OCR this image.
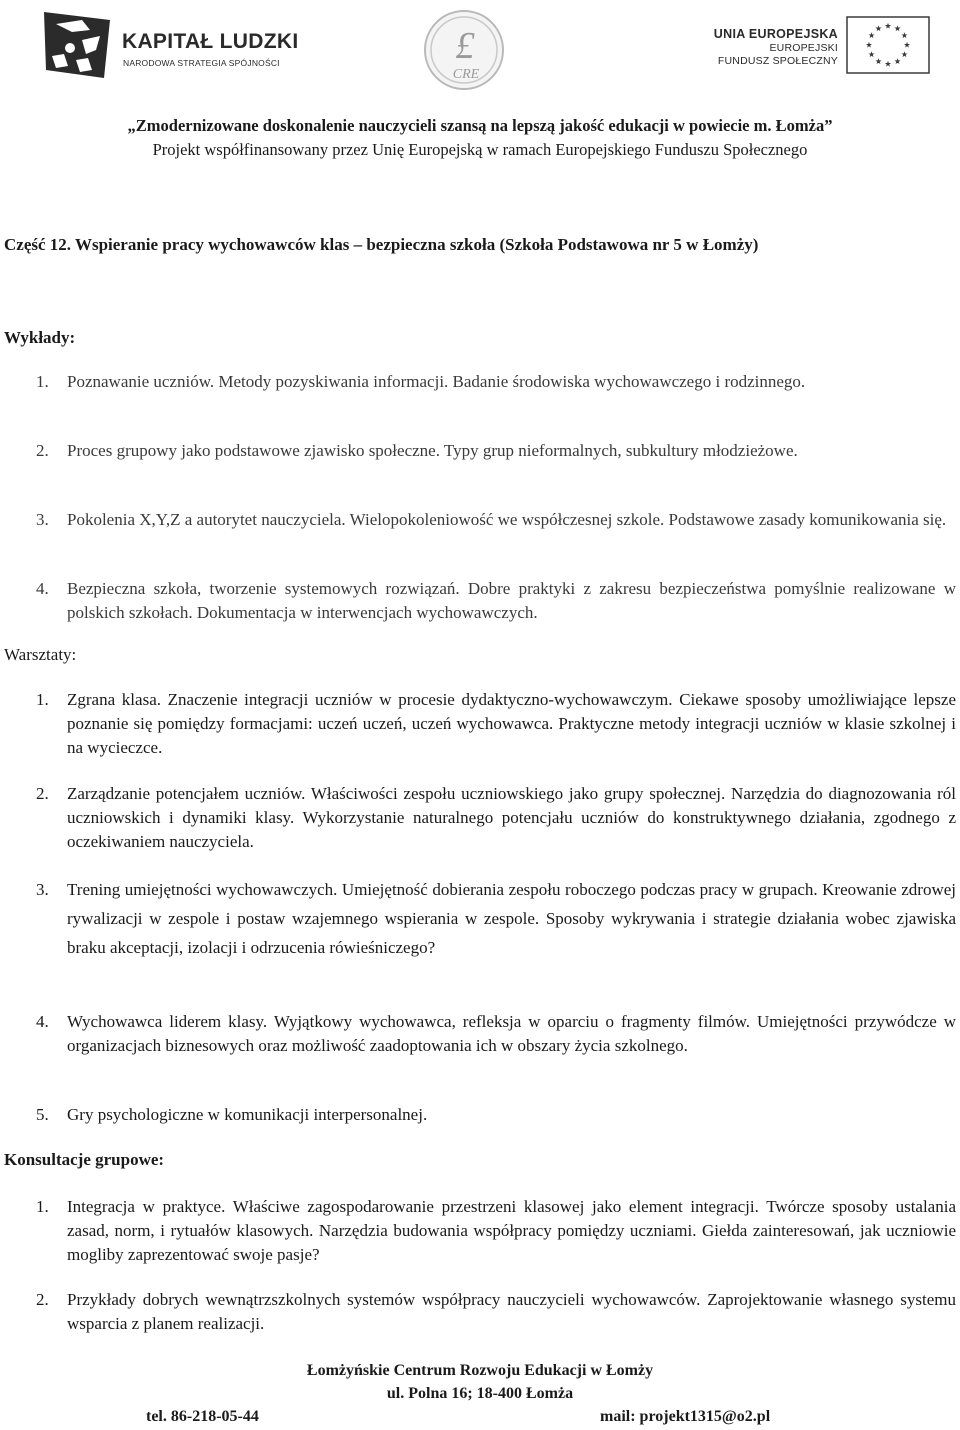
KAPITAŁ LUDZKI
NARODOWA STRATEGIA SPÓJNOŚCI	£
CRE
UNIA EUROPEJSKA
EUROPEJSKI
FUNDUSZ SPOŁECZNY
„Zmodernizowane doskonalenie nauczycieli szansą na lepszą jakość edukacji w powiecie m. Łomża”
Projekt współfinansowany przez Unię Europejską w ramach Europejskiego Funduszu Społecznego
Część 12. Wspieranie pracy wychowawców klas – bezpieczna szkoła (Szkoła Podstawowa nr 5 w Łomży)
Wykłady:
1. Poznawanie uczniów. Metody pozyskiwania informacji. Badanie środowiska wychowawczego i rodzinnego.
2. Proces grupowy jako podstawowe zjawisko społeczne. Typy grup nieformalnych, subkultury młodzieżowe.
3. Pokolenia X,Y,Z a autorytet nauczyciela. Wielopokoleniowość we współczesnej szkole. Podstawowe zasady komunikowania się.
4. Bezpieczna szkoła, tworzenie systemowych rozwiązań. Dobre praktyki z zakresu bezpieczeństwa pomyślnie realizowane w polskich szkołach. Dokumentacja w interwencjach wychowawczych.
Warsztaty:
1. Zgrana klasa. Znaczenie integracji uczniów w procesie dydaktyczno-wychowawczym. Ciekawe sposoby umożliwiające lepsze poznanie się pomiędzy formacjami: uczeń uczeń, uczeń wychowawca. Praktyczne metody integracji uczniów w klasie szkolnej i na wycieczce.
2. Zarządzanie potencjałem uczniów. Właściwości zespołu uczniowskiego jako grupy społecznej. Narzędzia do diagnozowania ról uczniowskich i dynamiki klasy. Wykorzystanie naturalnego potencjału uczniów do konstruktywnego działania, zgodnego z oczekiwaniem nauczyciela.
3. Trening umiejętności wychowawczych. Umiejętność dobierania zespołu roboczego podczas pracy w grupach. Kreowanie zdrowej rywalizacji w zespole i postaw wzajemnego wspierania w zespole. Sposoby wykrywania i strategie działania wobec zjawiska braku akceptacji, izolacji i odrzucenia rówieśniczego?
4. Wychowawca liderem klasy. Wyjątkowy wychowawca, refleksja w oparciu o fragmenty filmów. Umiejętności przywódcze w organizacjach biznesowych oraz możliwość zaadoptowania ich w obszary życia szkolnego.
5. Gry psychologiczne w komunikacji interpersonalnej.
Konsultacje grupowe:
1. Integracja w praktyce. Właściwe zagospodarowanie przestrzeni klasowej jako element integracji. Twórcze sposoby ustalania zasad, norm, i rytuałów klasowych. Narzędzia budowania współpracy pomiędzy uczniami. Giełda zainteresowań, jak uczniowie mogliby zaprezentować swoje pasje?
2. Przykłady dobrych wewnątrzszkolnych systemów współpracy nauczycieli wychowawców. Zaprojektowanie własnego systemu wsparcia z planem realizacji.
Łomżyńskie Centrum Rozwoju Edukacji w Łomży
ul. Polna 16; 18-400 Łomża
tel. 86-218-05-44	mail: projekt1315@o2.pl
